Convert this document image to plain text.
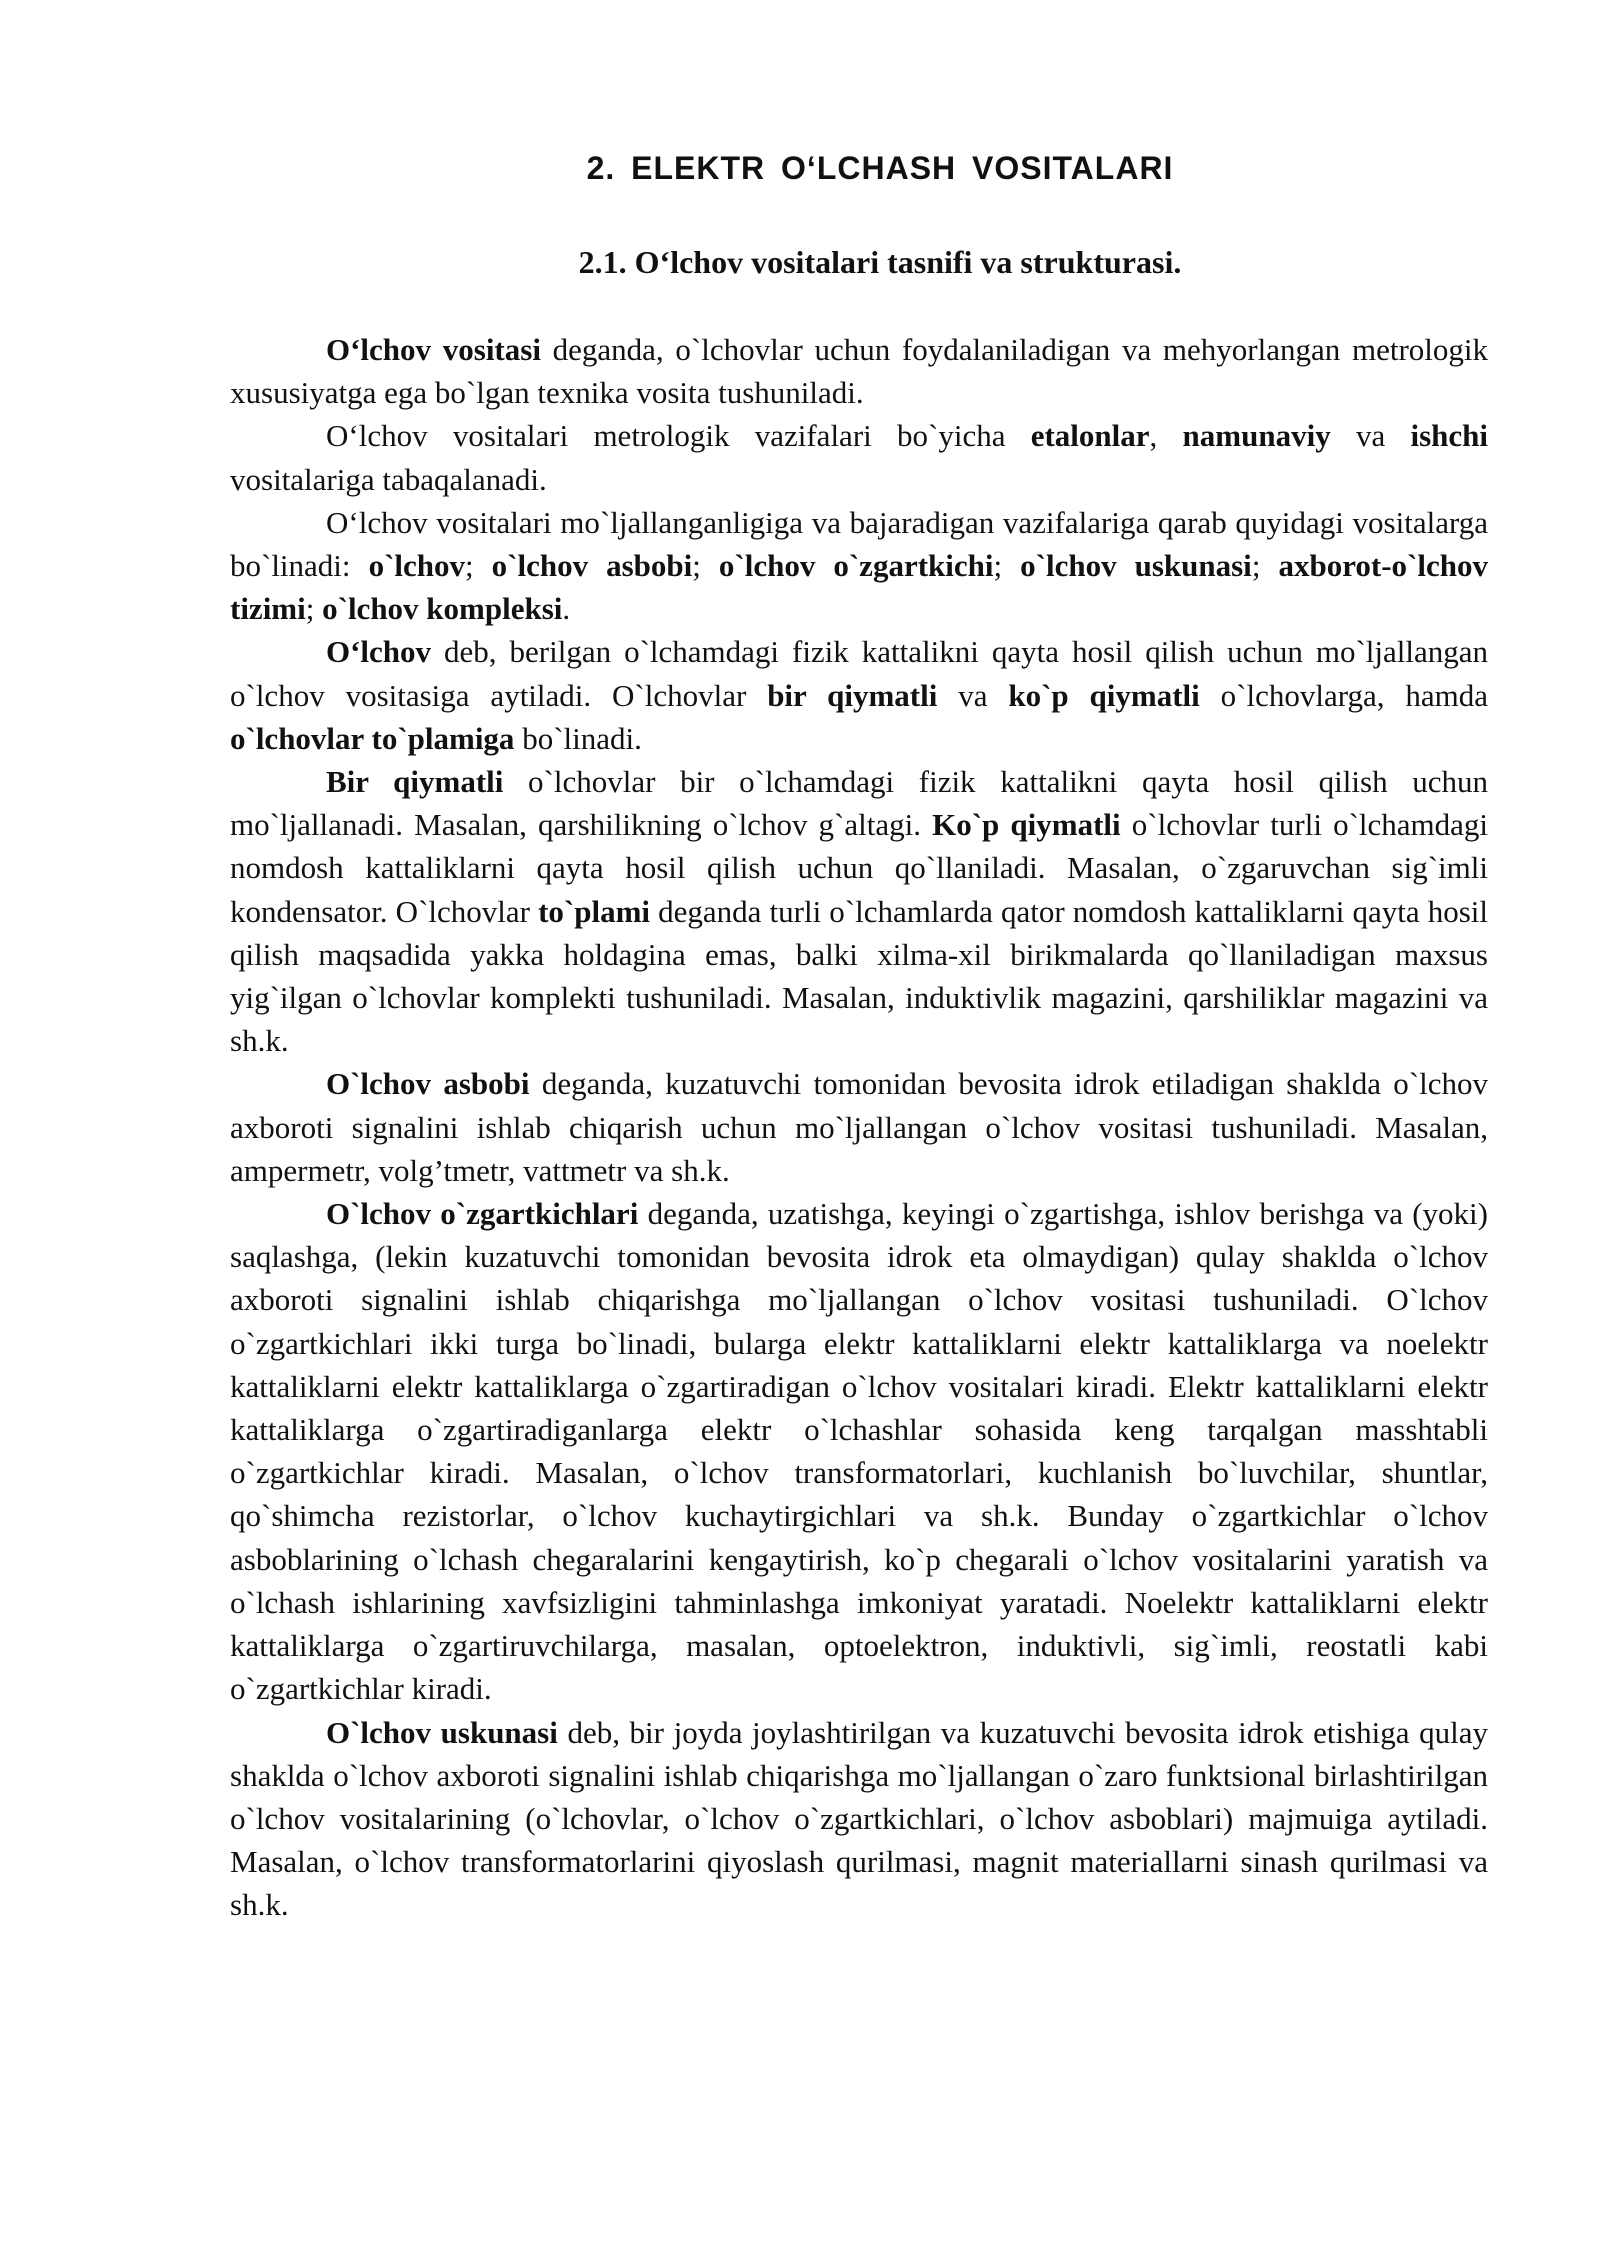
2. ELEKTR O‘LCHASH VOSITALARI
2.1. O‘lchov vositalari tasnifi va strukturasi.

O‘lchov vositasi deganda, o`lchovlar uchun foydalaniladigan va mehyorlangan metrologik xususiyatga ega bo`lgan texnika vosita tushuniladi.

O‘lchov vositalari metrologik vazifalari bo`yicha etalonlar, namunaviy va ishchi vositalariga tabaqalanadi.

O‘lchov vositalari mo`ljallanganligiga va bajaradigan vazifalariga qarab quyidagi vositalarga bo`linadi: o`lchov; o`lchov asbobi; o`lchov o`zgartkichi; o`lchov uskunasi; axborot-o`lchov tizimi; o`lchov kompleksi.

O‘lchov deb, berilgan o`lchamdagi fizik kattalikni qayta hosil qilish uchun mo`ljallangan o`lchov vositasiga aytiladi. O`lchovlar bir qiymatli va ko`p qiymatli o`lchovlarga, hamda o`lchovlar to`plamiga bo`linadi.

Bir qiymatli o`lchovlar bir o`lchamdagi fizik kattalikni qayta hosil qilish uchun mo`ljallanadi. Masalan, qarshilikning o`lchov g`altagi. Ko`p qiymatli o`lchovlar turli o`lchamdagi nomdosh kattaliklarni qayta hosil qilish uchun qo`llaniladi. Masalan, o`zgaruvchan sig`imli kondensator. O`lchovlar to`plami deganda turli o`lchamlarda qator nomdosh kattaliklarni qayta hosil qilish maqsadida yakka holdagina emas, balki xilma-xil birikmalarda qo`llaniladigan maxsus yig`ilgan o`lchovlar komplekti tushuniladi. Masalan, induktivlik magazini, qarshiliklar magazini va sh.k.

O`lchov asbobi deganda, kuzatuvchi tomonidan bevosita idrok etiladigan shakldа o`lchov axboroti signalini ishlab chiqarish uchun mo`ljallangan o`lchov vositasi tushuniladi. Masalan, ampermetr, volg’tmetr, vattmetr va sh.k.

O`lchov o`zgartkichlari deganda, uzatishga, keyingi o`zgartishga, ishlov berishga va (yoki) saqlashga, (lekin kuzatuvchi tomonidan bevosita idrok eta olmaydigan) qulay shaklda o`lchov axboroti signalini ishlab chiqarishga mo`ljallangan o`lchov vositasi tushuniladi. O`lchov o`zgartkichlari ikki turga bo`linadi, bularga elektr kattaliklarni elektr kattaliklarga va noelektr kattaliklarni elektr kattaliklarga o`zgartiradigan o`lchov vositalari kiradi. Elektr kattaliklarni elektr kattaliklarga o`zgartiradiganlarga elektr o`lchashlar sohasida keng tarqalgan masshtabli o`zgartkichlar kiradi. Masalan, o`lchov transformatorlari, kuchlanish bo`luvchilar, shuntlar, qo`shimcha rezistorlar, o`lchov kuchaytirgichlari va sh.k. Bunday o`zgartkichlar o`lchov asboblarining o`lchash chegaralarini kengaytirish, ko`p chegarali o`lchov vositalarini yaratish va o`lchash ishlarining xavfsizligini tahminlashga imkoniyat yaratadi. Noelektr kattaliklarni elektr kattaliklarga o`zgartiruvchilarga, masalan, optoelektron, induktivli, sig`imli, reostatli kabi o`zgartkichlar kiradi.

O`lchov uskunasi deb, bir joyda joylashtirilgan va kuzatuvchi bevosita idrok etishiga qulay shaklda o`lchov axboroti signalini ishlab chiqarishga mo`ljallangan o`zaro funktsional birlashtirilgan o`lchov vositalarining (o`lchovlar, o`lchov o`zgartkichlari, o`lchov asboblari) majmuiga aytiladi. Masalan, o`lchov transformatorlarini qiyoslash qurilmasi, magnit materiallarni sinash qurilmasi va sh.k.
